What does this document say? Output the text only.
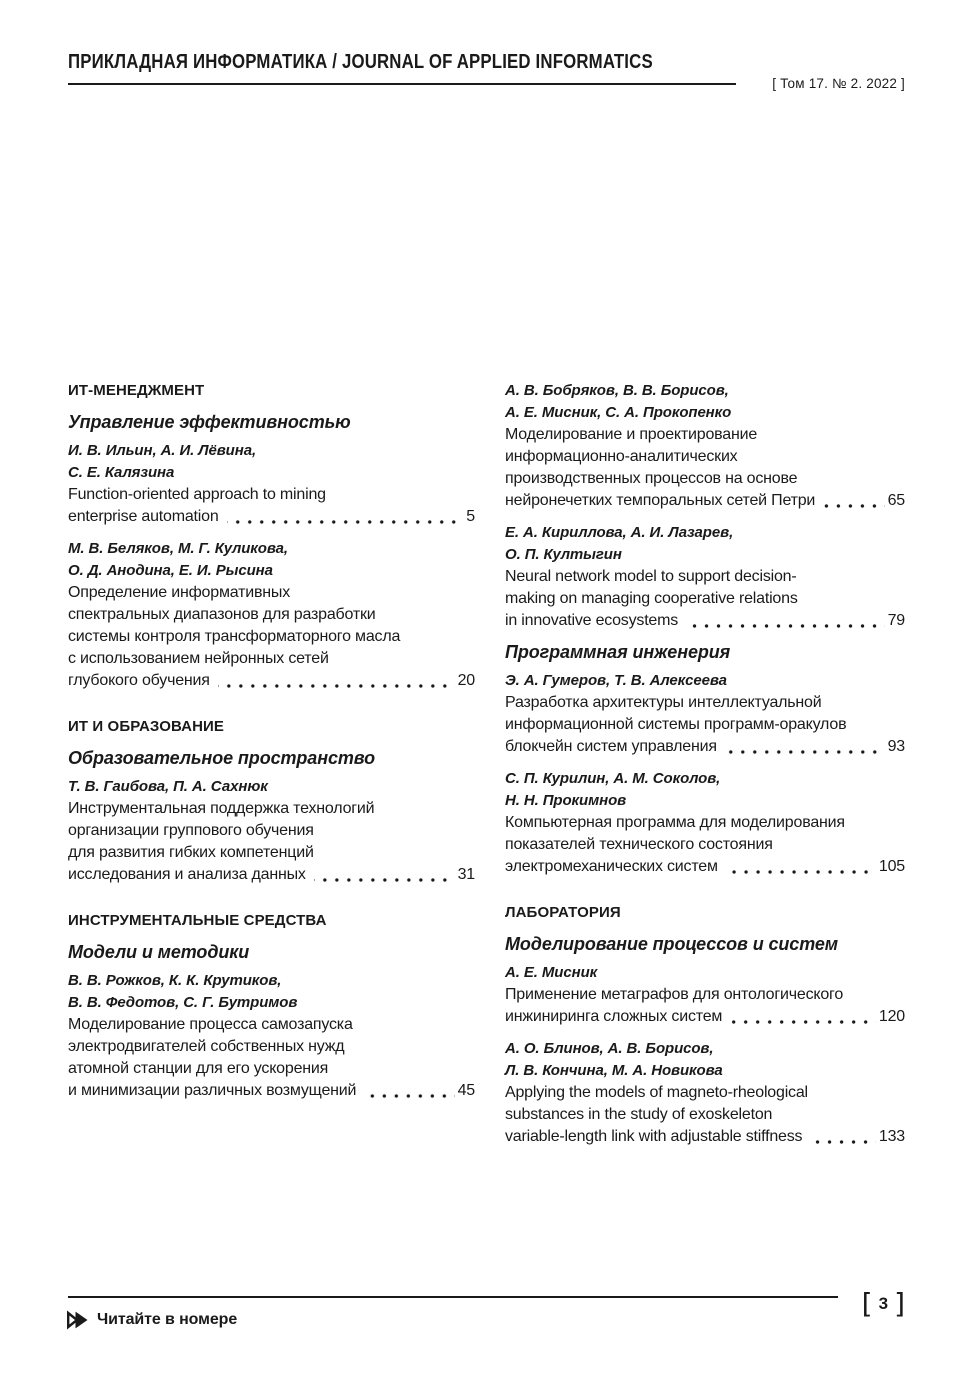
ПРИКЛАДНАЯ ИНФОРМАТИКА / JOURNAL OF APPLIED INFORMATICS
[ Том 17. № 2. 2022 ]
ИТ-МЕНЕДЖМЕНТ
Управление эффективностью
И. В. Ильин, А. И. Лёвина,
С. Е. Калязина
Function-oriented approach to mining
enterprise automation	5
М. В. Беляков, М. Г. Куликова,
О. Д. Анодина, Е. И. Рысина
Определение информативных
спектральных диапазонов для разработки
системы контроля трансформаторного масла
с использованием нейронных сетей
глубокого обучения	20
ИТ И ОБРАЗОВАНИЕ
Образовательное пространство
Т. В. Гаибова, П. А. Сахнюк
Инструментальная поддержка технологий
организации группового обучения
для развития гибких компетенций
исследования и анализа данных	31
ИНСТРУМЕНТАЛЬНЫЕ СРЕДСТВА
Модели и методики
В. В. Рожков, К. К. Крутиков,
В. В. Федотов, С. Г. Бутримов
Моделирование процесса самозапуска
электродвигателей собственных нужд
атомной станции для его ускорения
и минимизации различных возмущений	45
А. В. Бобряков, В. В. Борисов,
А. Е. Мисник, С. А. Прокопенко
Моделирование и проектирование
информационно-аналитических
производственных процессов на основе
нейронечетких темпоральных сетей Петри	65
Е. А. Кириллова, А. И. Лазарев,
О. П. Култыгин
Neural network model to support decision-
making on managing cooperative relations
in innovative ecosystems	79
Программная инженерия
Э. А. Гумеров, Т. В. Алексеева
Разработка архитектуры интеллектуальной
информационной системы программ-оракулов
блокчейн систем управления	93
С. П. Курилин, А. М. Соколов,
Н. Н. Прокимнов
Компьютерная программа для моделирования
показателей технического состояния
электромеханических систем	105
ЛАБОРАТОРИЯ
Моделирование процессов и систем
А. Е. Мисник
Применение метаграфов для онтологического
инжиниринга сложных систем	120
А. О. Блинов, А. В. Борисов,
Л. В. Кончина, М. А. Новикова
Applying the models of magneto-rheological
substances in the study of exoskeleton
variable-length link with adjustable stiffness	133
Читайте в номере	[ 3 ]
